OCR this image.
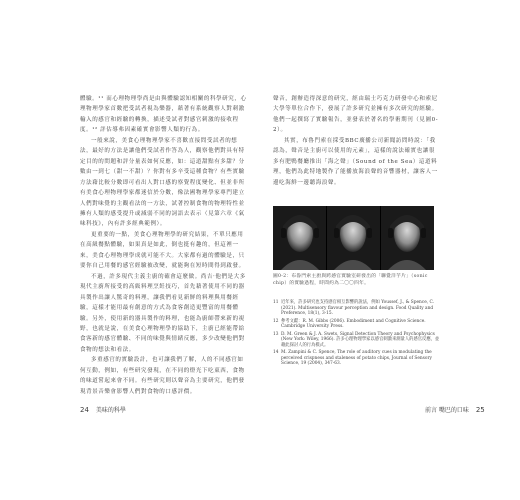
體驗。¹¹ 而心理物理學尚是由與體驗認知相關的科學研究，心理物理學家首數把受試者視為樂器，藉著有系統觀察人對刺激輸入的感官和經驗的轉換，描述受試者對感官刺激的接收程度。¹² 評估導弗因素確實會影響人類的行為。

一般來說，美食心理物理學家不喜歡直接問受試者的想法，最好的方法是讓他們受試者作答為人，觀察他們對具有特定目的的問題和評分量表如何反應，如：這道甜點有多甜？分數由一到七（甜一不甜）？你對有多辛受這種食物？有些實驗方法藉比較分數即可看出人對口感的察覺程度變化、但並非所有美食心理物理學家都迷信於分數，像法國物理學家專門建立人們對味覺的主觀看法的一方法，試著控制食物的物理特性並擁有人類的感受提升或減弱不同的詞語去表示（見第六章《氣味科技》，內有許多經典範例）。

更重要的一點，美食心理物理學的研究結果，不單只應用在高級餐點體驗，如果真是如此，倒也挺有趣的，但這裡一來，美食心理物理學成就可能不大。大家都有過的體驗是，只要你自己用餐的感官經驗被改變，就能夠在短時間得到啟發。

不過，許多現代主義主廚的確會這麼做。尚吉·他們是大多現代主廚所接受的高級料理烹飪技巧，首先藉著使用不同的器具製作出讓人驚奇的料理，讓我們看見新鮮的料理與用餐經驗，這樣才能用最有創意的方式為食客創造更豐富的用餐體驗。另外，使用新的器具製作的料理，也能為廚師帶來新的視野，也就是說，在美食心理物理學的協助下，主廚已經能帶給食客新的感官體驗、不同的味覺與情緒反應，多少改變他們對食物的想法和看法。

多重感官的實驗設計，也可讓我們了解，人的不同感官如何互動，例如，有些研究發現，在不同的燈光下吃東西，食物的味道嘗起來會不同。有些研究則以聲音為主要研究，他們發現背景音樂會影響人們對食物的口感評價。

24 美味的科學

聲音，創辦造得深意的研究，經由瑞士巧克力研發中心和索尼大學等單位合作下，發展了許多研究並擁有多次研究的經驗。他們一起撰寫了實驗報告，並發表於著名的學術期刊（見圖0-2）。

其實，布魯門索在採受BBC廣播公司新聞訪問時說：「我認為，聲音是主廚可以使用的元素」，這樣的說法確實也讓很多有肥鴨餐廳推出「海之聲」（Sound of the Sea）這道料理，他們為此特地製作了能播放海浪聲的音響器材，讓客人一邊吃海鮮一邊聽海浪聲。

圖0-2：布魯門索主廚與跨感官實驗室研發出的「聯覺洋芋片」（sonic chip）的實驗過程，時間約為二〇〇四年。
11 近年來，許多研究也支持感官相互影響的說法，例如 Youssef, J., & Spence, C. (2021). Multisensory flavour perception and design. Food Quality and Preference, 18(1), 3-15.
12 參考文獻：R. M. Gibbs (2006). Embodiment and Cognitive Science. Cambridge University Press.
13 D. M. Green & J. A. Swets, Signal Detection Theory and Psychophysics (New York: Wiley, 1966). 許多心理物理學家以感官刺激來測量人的感官反應，並藉此探討人的行為模式。
14 M. Zampini & C. Spence, The role of auditory cues in modulating the perceived crispness and staleness of potato chips, Journal of Sensory Science, 19 (2004), 347-63.
前言 嘴巴的口味 25
